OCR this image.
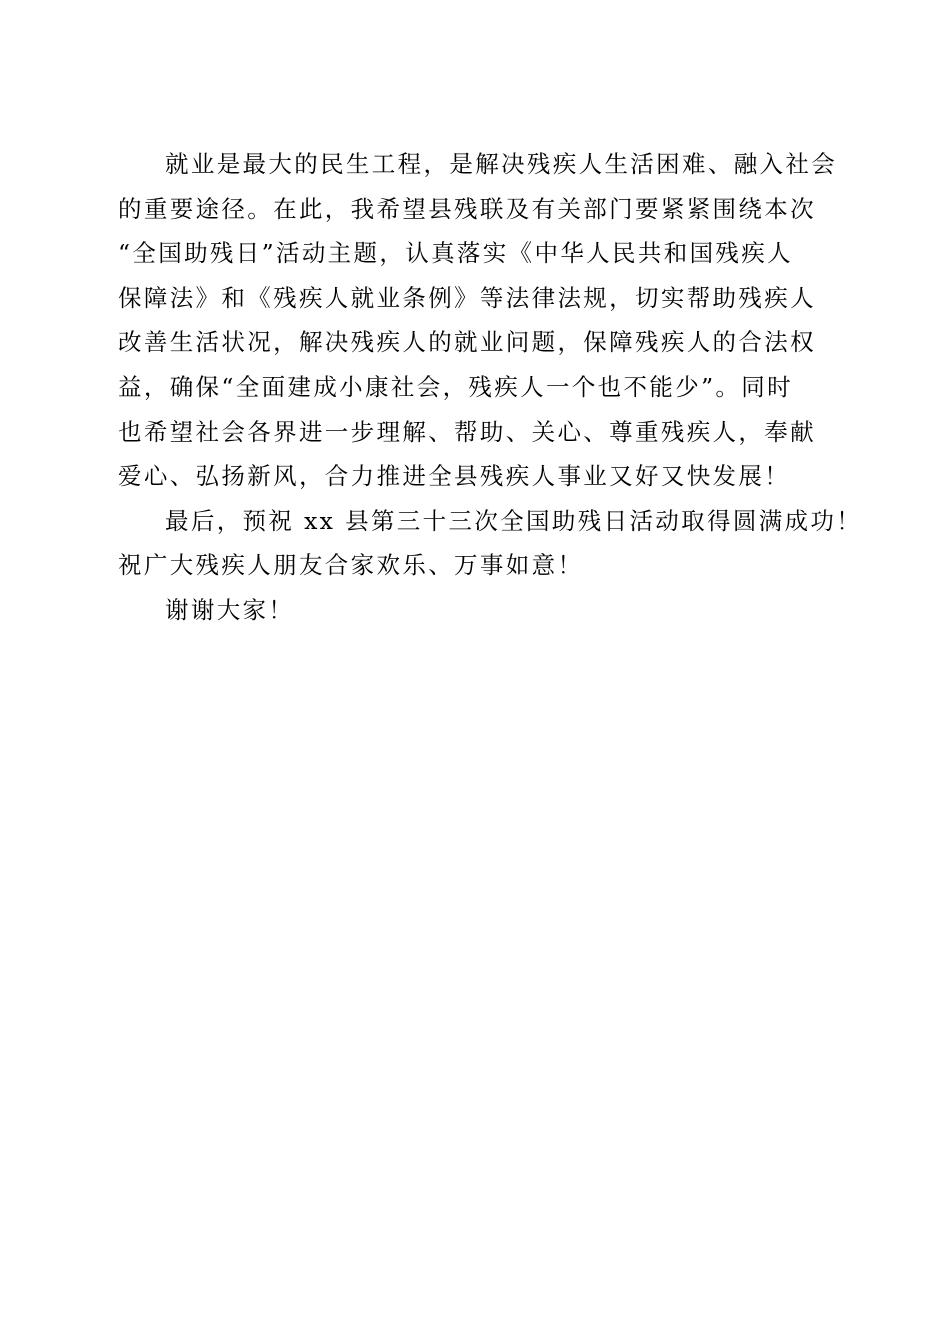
就业是最大的民生工程，是解决残疾人生活困难、融入社会
的重要途径。在此，我希望县残联及有关部门要紧紧围绕本次
“全国助残日”活动主题，认真落实《中华人民共和国残疾人
保障法》和《残疾人就业条例》等法律法规，切实帮助残疾人
改善生活状况，解决残疾人的就业问题，保障残疾人的合法权
益，确保“全面建成小康社会，残疾人一个也不能少”。同时
也希望社会各界进一步理解、帮助、关心、尊重残疾人，奉献
爱心、弘扬新风，合力推进全县残疾人事业又好又快发展！
最后，预祝 xx 县第三十三次全国助残日活动取得圆满成功！
祝广大残疾人朋友合家欢乐、万事如意！
谢谢大家！
